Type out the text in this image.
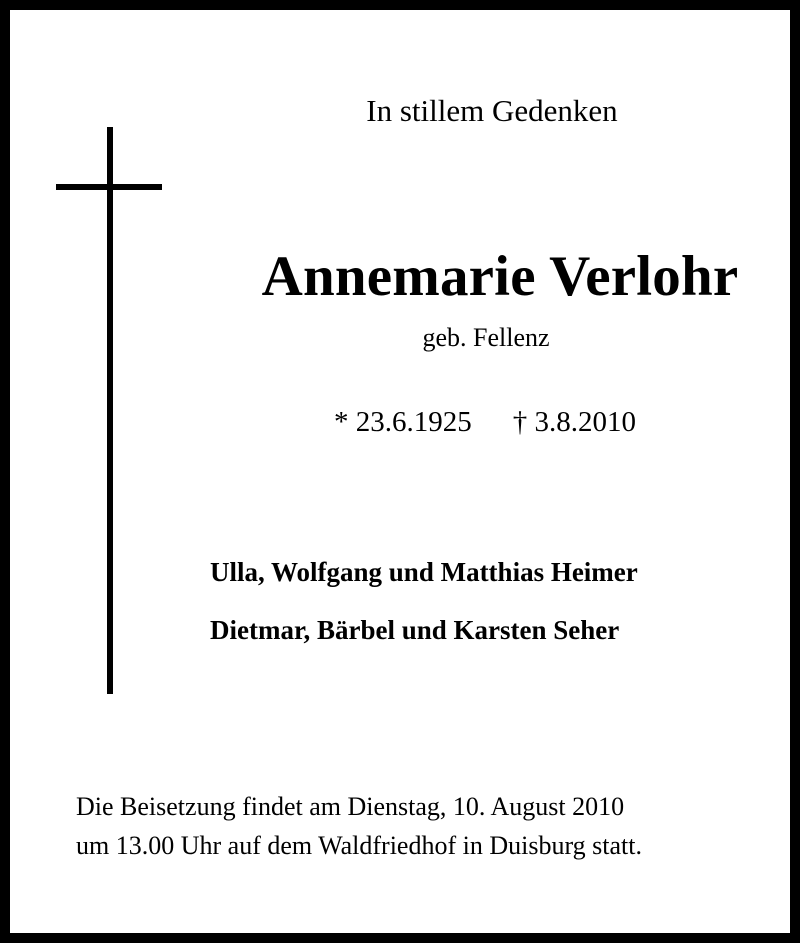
In stillem Gedenken

Annemarie Verlohr

geb. Fellenz

* 23.6.1925 † 3.8.2010

Ulla, Wolfgang und Matthias Heimer

Dietmar, Bärbel und Karsten Seher

Die Beisetzung findet am Dienstag, 10. August 2010

um 13.00 Uhr auf dem Waldfriedhof in Duisburg statt.
